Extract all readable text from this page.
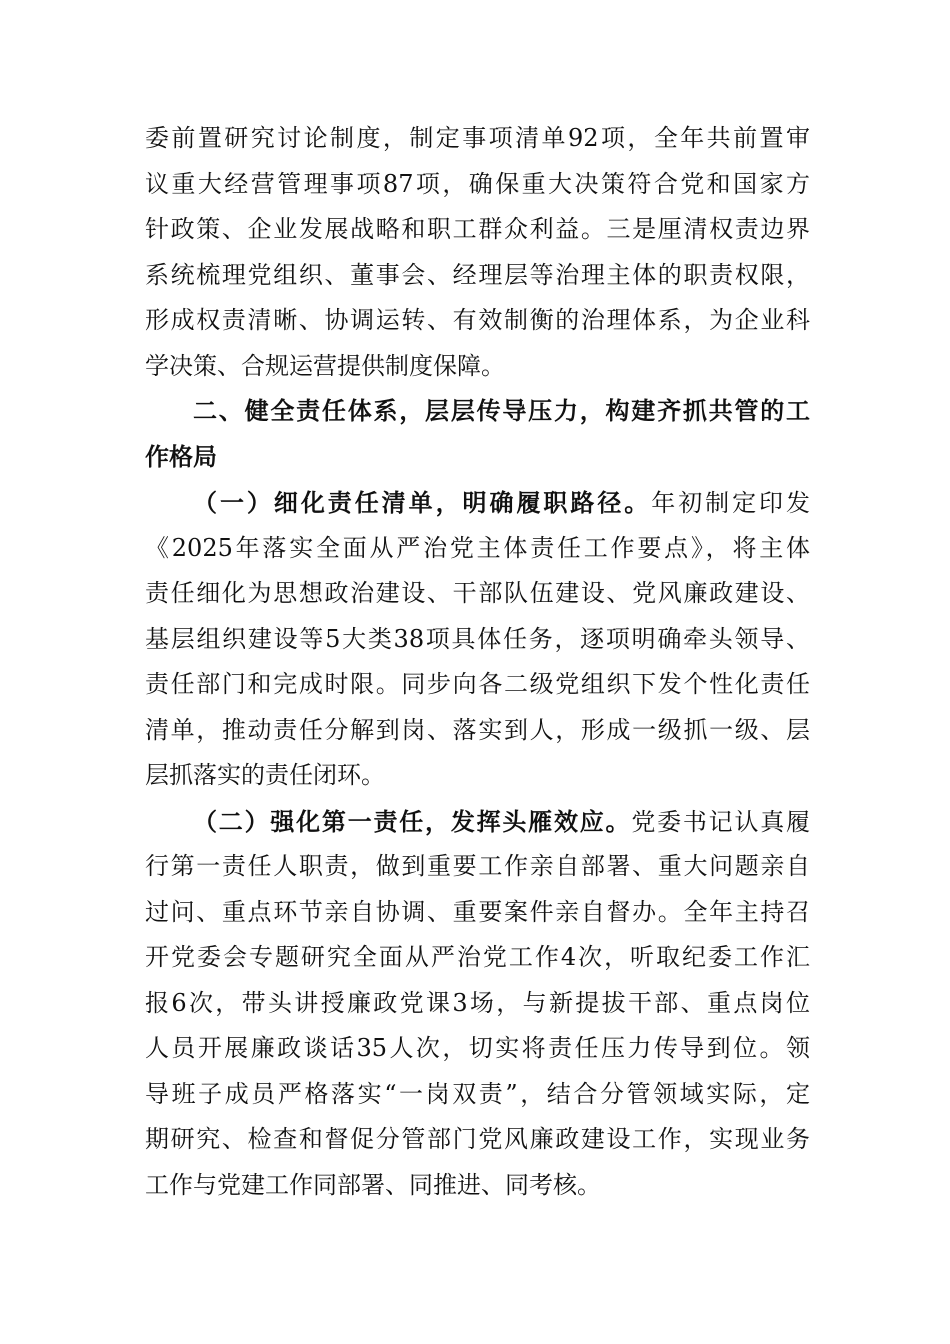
委前置研究讨论制度，制定事项清单92项，全年共前置审
议重大经营管理事项87项，确保重大决策符合党和国家方
针政策、企业发展战略和职工群众利益。三是厘清权责边界
系统梳理党组织、董事会、经理层等治理主体的职责权限，
形成权责清晰、协调运转、有效制衡的治理体系，为企业科
学决策、合规运营提供制度保障。
二、健全责任体系，层层传导压力，构建齐抓共管的工
作格局
（一）细化责任清单，明确履职路径。年初制定印发
《2025年落实全面从严治党主体责任工作要点》，将主体
责任细化为思想政治建设、干部队伍建设、党风廉政建设、
基层组织建设等5大类38项具体任务，逐项明确牵头领导、
责任部门和完成时限。同步向各二级党组织下发个性化责任
清单，推动责任分解到岗、落实到人，形成一级抓一级、层
层抓落实的责任闭环。
（二）强化第一责任，发挥头雁效应。党委书记认真履
行第一责任人职责，做到重要工作亲自部署、重大问题亲自
过问、重点环节亲自协调、重要案件亲自督办。全年主持召
开党委会专题研究全面从严治党工作4次，听取纪委工作汇
报6次，带头讲授廉政党课3场，与新提拔干部、重点岗位
人员开展廉政谈话35人次，切实将责任压力传导到位。领
导班子成员严格落实“一岗双责”，结合分管领域实际，定
期研究、检查和督促分管部门党风廉政建设工作，实现业务
工作与党建工作同部署、同推进、同考核。
